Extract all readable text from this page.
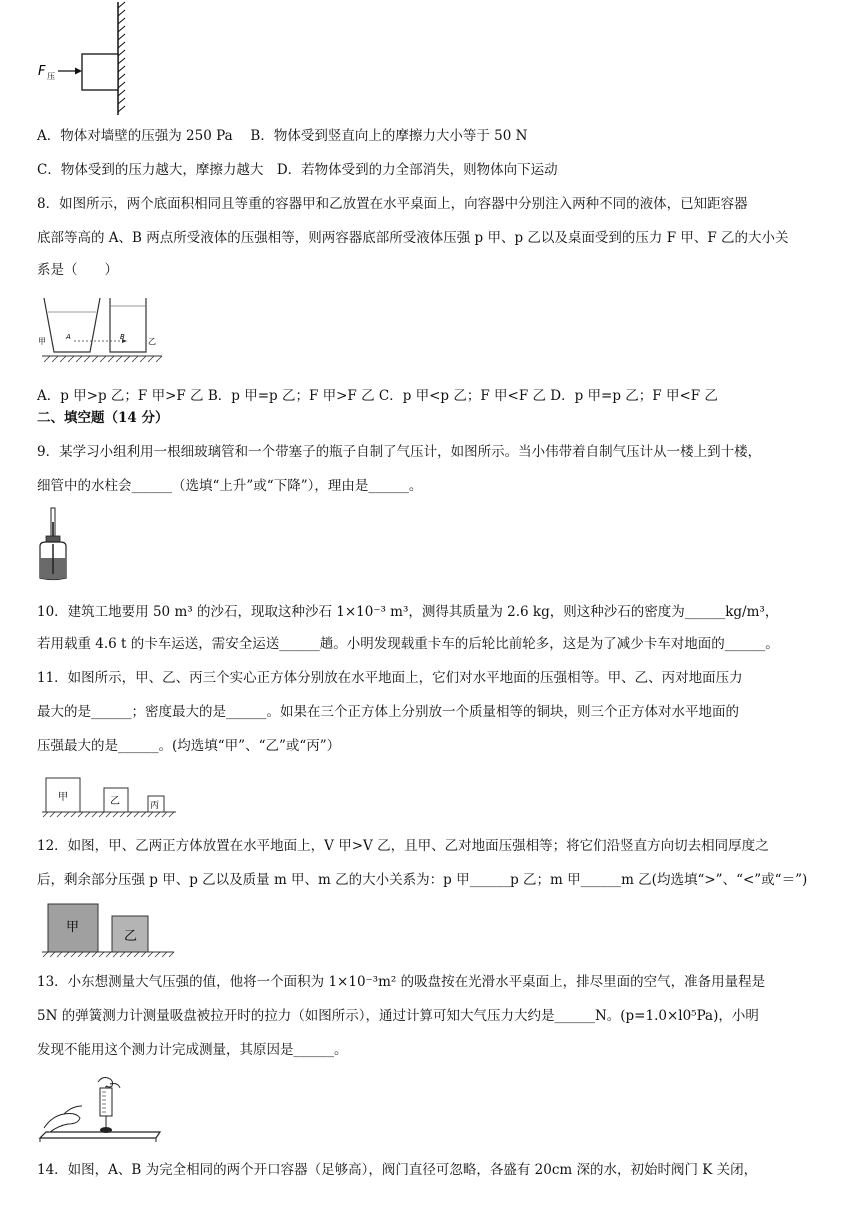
F 压
A．物体对墙壁的压强为 250 Pa　 B．物体受到竖直向上的摩擦力大小等于 50 N
C．物体受到的压力越大，摩擦力越大　D．若物体受到的力全部消失，则物体向下运动
8．如图所示，两个底面积相同且等重的容器甲和乙放置在水平桌面上，向容器中分别注入两种不同的液体，已知距容器
底部等高的 A、B 两点所受液体的压强相等，则两容器底部所受液体压强 p 甲、p 乙以及桌面受到的压力 F 甲、F 乙的大小关
系是（　　）
A	B
甲	乙
A．p 甲>p 乙；F 甲>F 乙 B．p 甲=p 乙；F 甲>F 乙 C．p 甲<p 乙；F 甲<F 乙 D．p 甲=p 乙；F 甲<F 乙
二、填空题（14 分）
9．某学习小组利用一根细玻璃管和一个带塞子的瓶子自制了气压计，如图所示。当小伟带着自制气压计从一楼上到十楼，
细管中的水柱会______（选填“上升”或“下降”），理由是______。
10．建筑工地要用 50 m³ 的沙石，现取这种沙石 1×10⁻³ m³，测得其质量为 2.6 kg，则这种沙石的密度为______kg/m³，
若用载重 4.6 t 的卡车运送，需安全运送______趟。小明发现载重卡车的后轮比前轮多，这是为了减少卡车对地面的______。
11．如图所示，甲、乙、丙三个实心正方体分别放在水平地面上，它们对水平地面的压强相等。甲、乙、丙对地面压力
最大的是______；密度最大的是______。如果在三个正方体上分别放一个质量相等的铜块，则三个正方体对水平地面的
压强最大的是______。(均选填“甲”、“乙”或“丙”）
甲	乙	丙
12．如图，甲、乙两正方体放置在水平地面上，V 甲>V 乙，且甲、乙对地面压强相等；将它们沿竖直方向切去相同厚度之
后，剩余部分压强 p 甲、p 乙以及质量 m 甲、m 乙的大小关系为：p 甲______p 乙；m 甲______m 乙(均选填“>”、“<”或“＝”)
甲
乙
13．小东想测量大气压强的值，他将一个面积为 1×10⁻³m² 的吸盘按在光滑水平桌面上，排尽里面的空气，准备用量程是
5N 的弹簧测力计测量吸盘被拉开时的拉力（如图所示），通过计算可知大气压力大约是______N。(p=1.0×l0⁵Pa)，小明
发现不能用这个测力计完成测量，其原因是______。
14．如图，A、B 为完全相同的两个开口容器（足够高），阀门直径可忽略，各盛有 20cm 深的水，初始时阀门 K 关闭，
